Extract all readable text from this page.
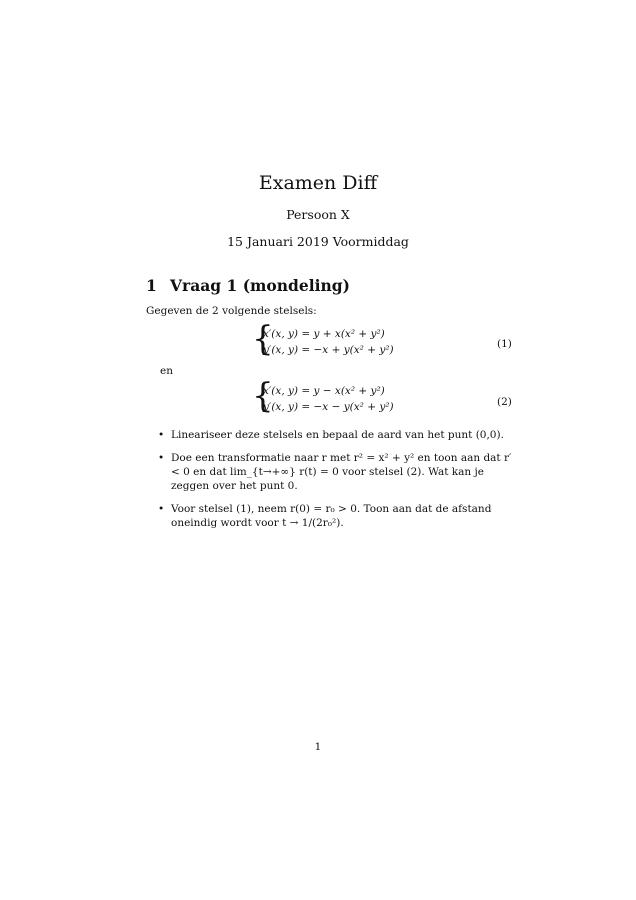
Examen Diff
Persoon X
15 Januari 2019 Voormiddag
1 Vraag 1 (mondeling)
Gegeven de 2 volgende stelsels:
{
x′(x, y) = y + x(x² + y²)
y′(x, y) = −x + y(x² + y²)	(1)
en
{
x′(x, y) = y − x(x² + y²)
y′(x, y) = −x − y(x² + y²)	(2)
• Lineariseer deze stelsels en bepaal de aard van het punt (0,0).
• Doe een transformatie naar r met r² = x² + y² en toon aan dat r′ < 0 en dat lim_{t→+∞} r(t) = 0 voor stelsel (2). Wat kan je zeggen over het punt 0.
• Voor stelsel (1), neem r(0) = r₀ > 0. Toon aan dat de afstand oneindig wordt voor t → 1/(2r₀²).
1
